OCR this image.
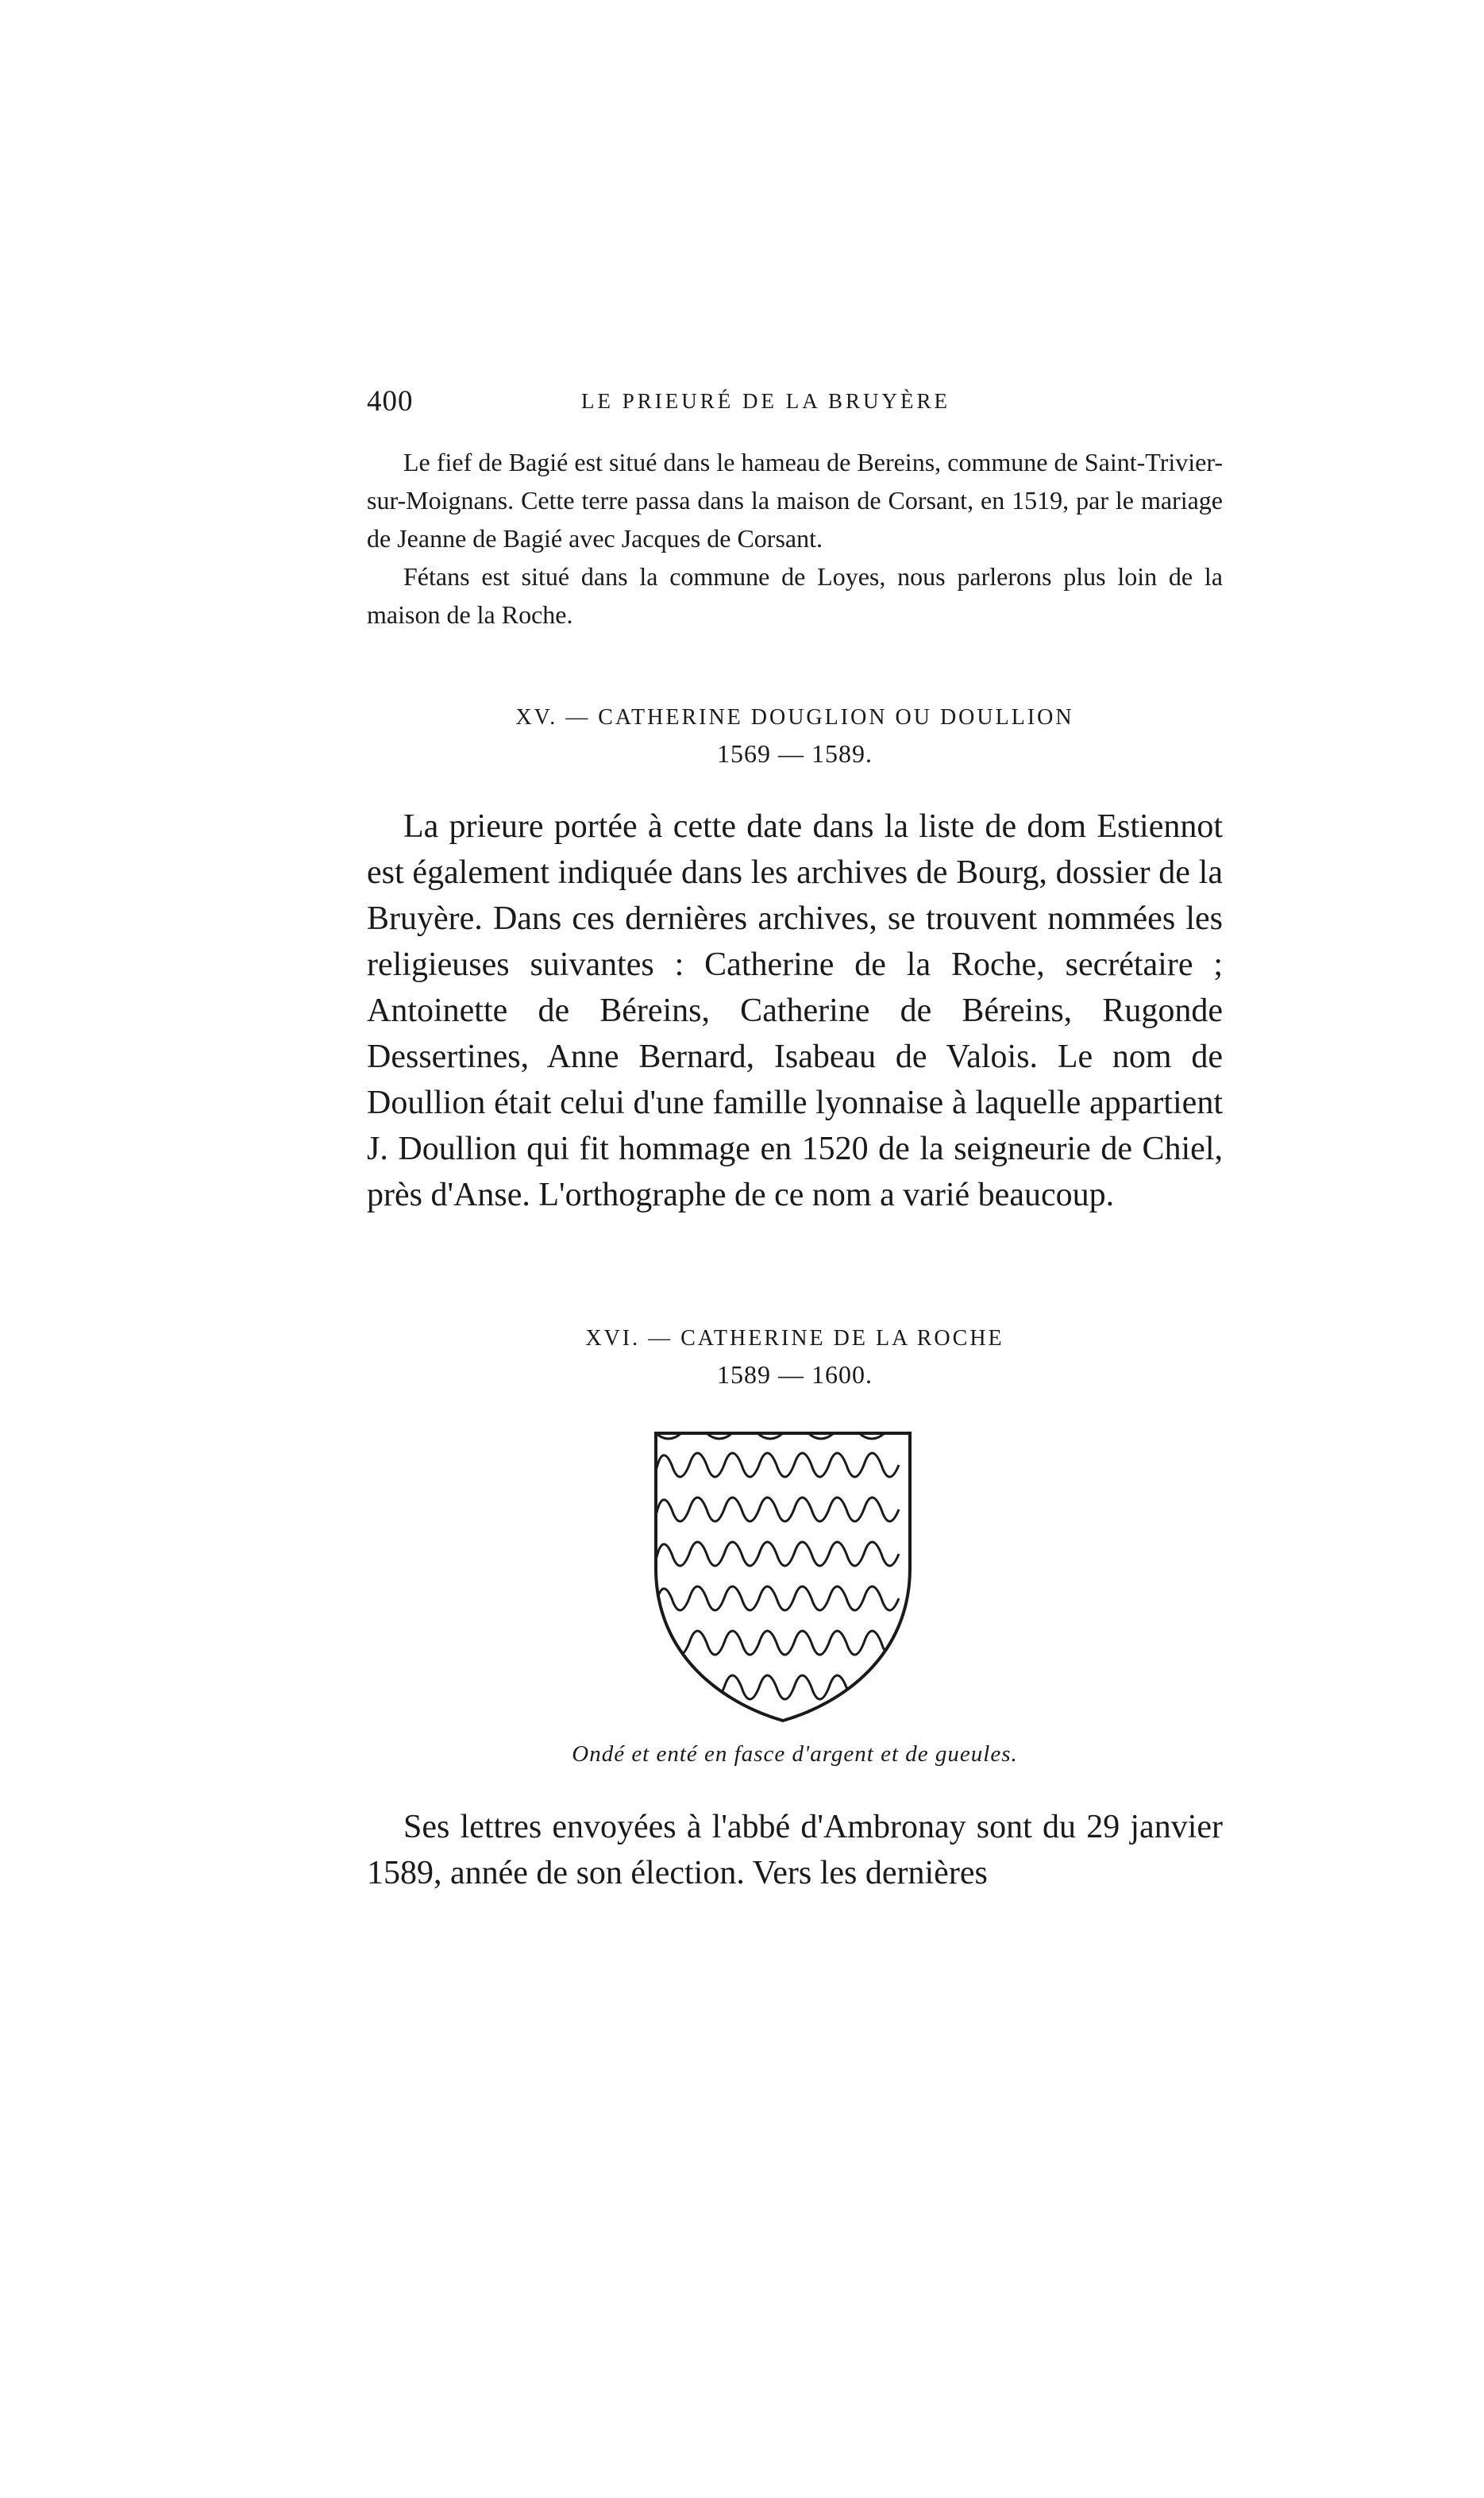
400	LE PRIEURÉ DE LA BRUYÈRE

Le fief de Bagié est situé dans le hameau de Bereins, commune de Saint-Trivier-sur-Moignans. Cette terre passa dans la maison de Corsant, en 1519, par le mariage de Jeanne de Bagié avec Jacques de Corsant.

Fétans est situé dans la commune de Loyes, nous parlerons plus loin de la maison de la Roche.

XV. — CATHERINE DOUGLION OU DOULLION
1569 — 1589.

La prieure portée à cette date dans la liste de dom Estiennot est également indiquée dans les archives de Bourg, dossier de la Bruyère. Dans ces dernières archives, se trouvent nommées les religieuses suivantes : Catherine de la Roche, secrétaire ; Antoinette de Béreins, Catherine de Béreins, Rugonde Dessertines, Anne Bernard, Isabeau de Valois. Le nom de Doullion était celui d'une famille lyonnaise à laquelle appartient J. Doullion qui fit hommage en 1520 de la seigneurie de Chiel, près d'Anse. L'orthographe de ce nom a varié beaucoup.

XVI. — CATHERINE DE LA ROCHE
1589 — 1600.
Ondé et enté en fasce d'argent et de gueules.

Ses lettres envoyées à l'abbé d'Ambronay sont du 29 janvier 1589, année de son élection. Vers les dernières
